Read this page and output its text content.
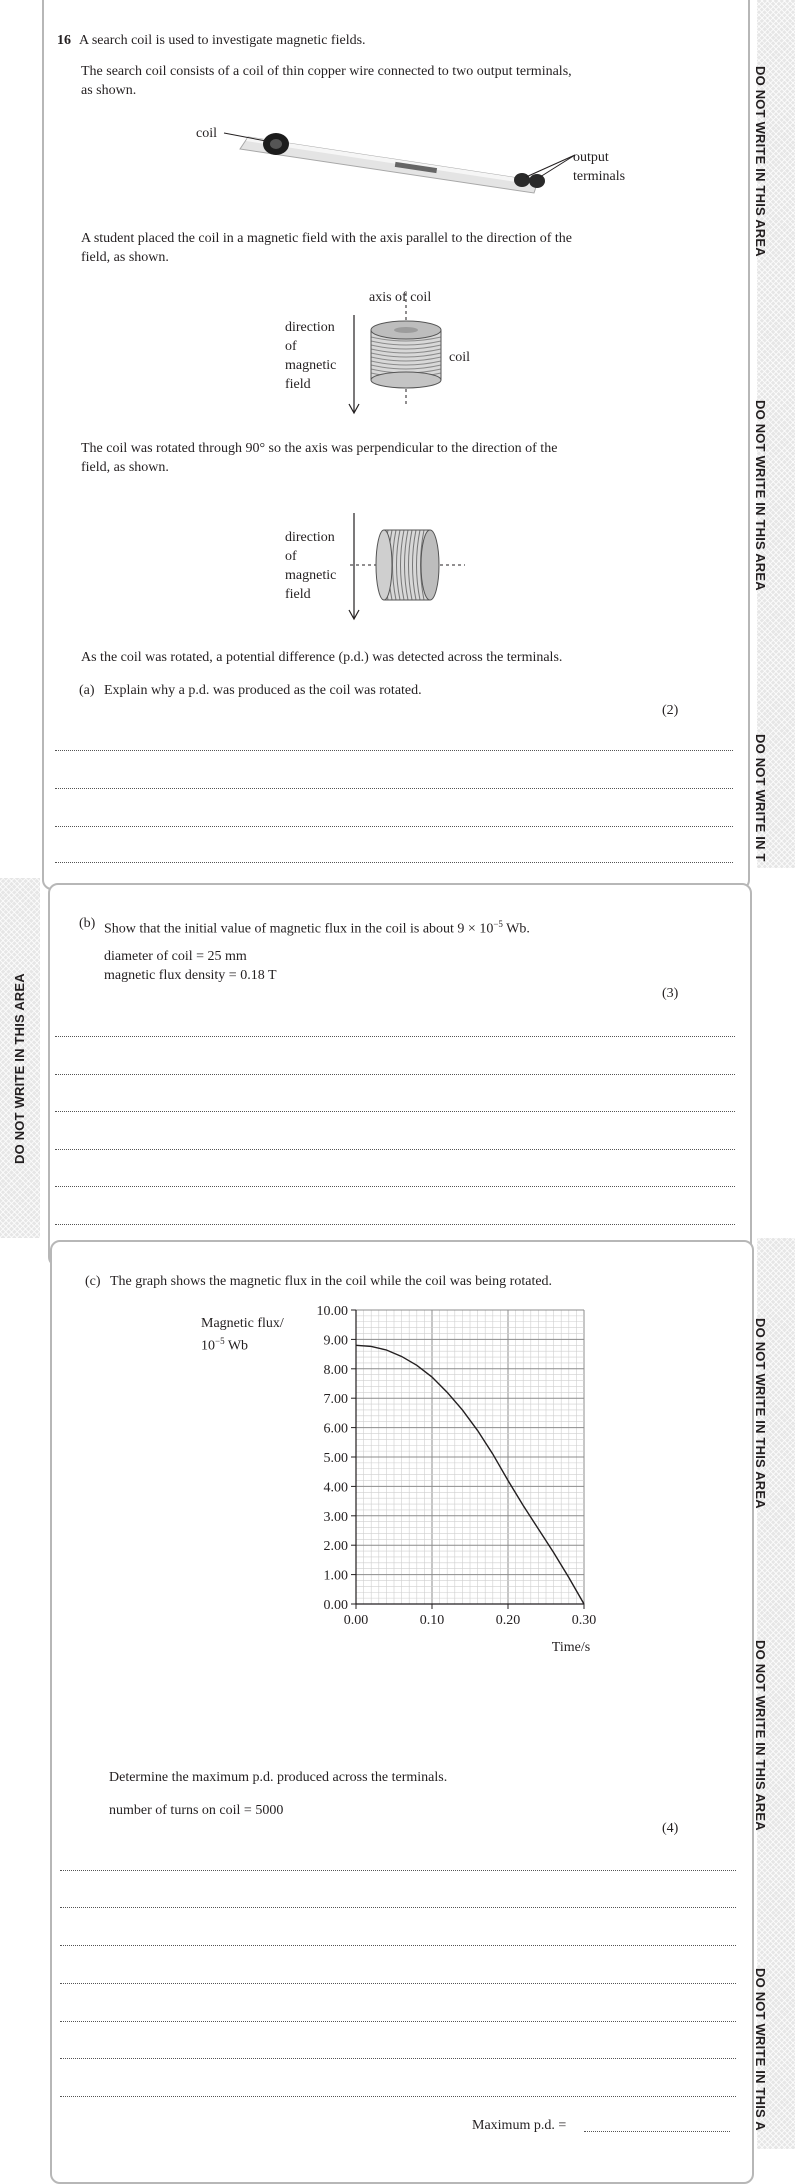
DO NOT WRITE IN THIS AREA
DO NOT WRITE IN THIS AREA
DO NOT WRITE IN T
16 A search coil is used to investigate magnetic fields.
The search coil consists of a coil of thin copper wire connected to two output terminals,
as shown.
coil
output
terminals
A student placed the coil in a magnetic field with the axis parallel to the direction of the
field, as shown.
axis of coil
direction
of
magnetic
field
coil
The coil was rotated through 90° so the axis was perpendicular to the direction of the
field, as shown.
direction
of
magnetic
field
As the coil was rotated, a potential difference (p.d.) was detected across the terminals.
(a) Explain why a p.d. was produced as the coil was rotated.
(2)
DO NOT WRITE IN THIS AREA
(b) Show that the initial value of magnetic flux in the coil is about $9 \times 10^{-5}$ Wb.
diameter of coil = 25 mm
magnetic flux density = 0.18 T
(3)
DO NOT WRITE IN THIS AREA
DO NOT WRITE IN THIS AREA
DO NOT WRITE IN THIS A
(c) The graph shows the magnetic flux in the coil while the coil was being rotated.
Magnetic flux/
$10^{-5}$ Wb
0.00
1.00
2.00
3.00
4.00
5.00
6.00
7.00
8.00
9.00
10.00
0.00	0.10	0.20	0.30
Time/s
Determine the maximum p.d. produced across the terminals.
number of turns on coil = 5000
(4)
Maximum p.d. =
